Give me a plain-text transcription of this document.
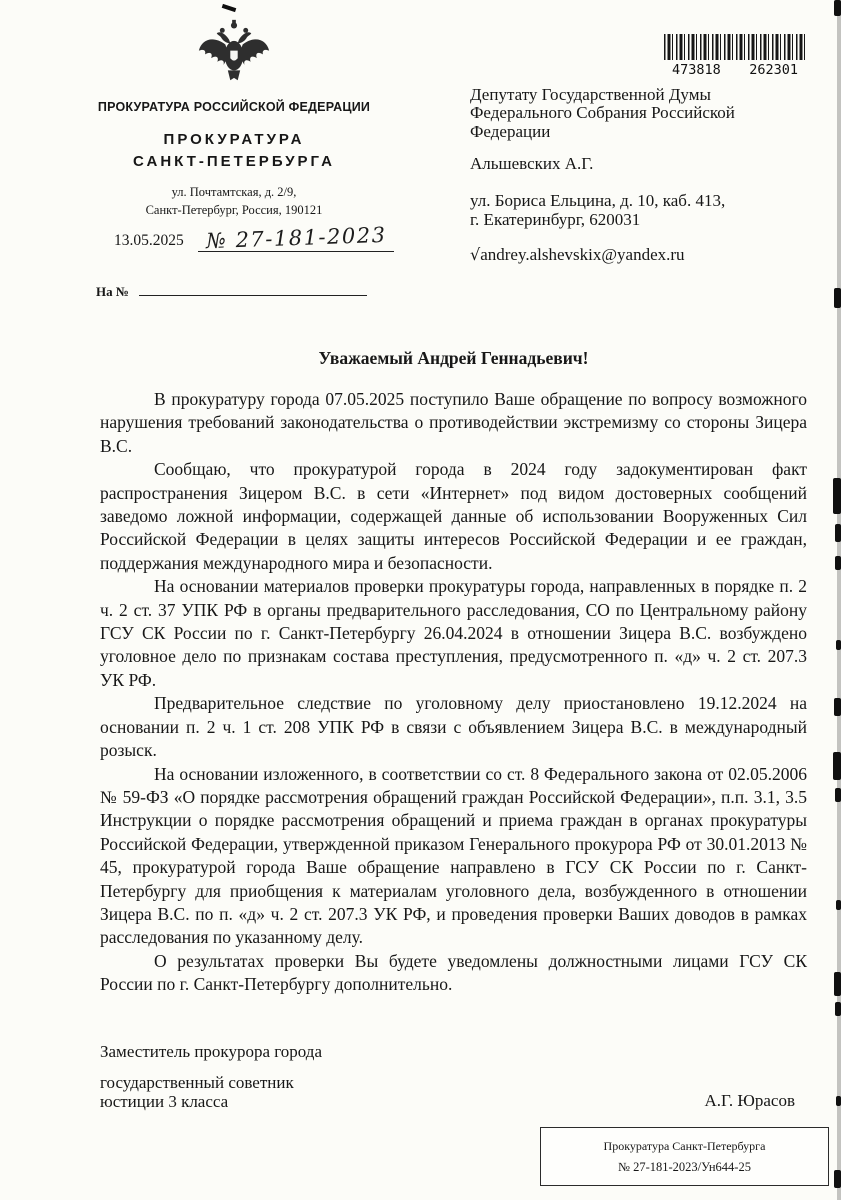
473818 262301
ПРОКУРАТУРА РОССИЙСКОЙ ФЕДЕРАЦИИ
ПРОКУРАТУРА
САНКТ-ПЕТЕРБУРГА
ул. Почтамтская, д. 2/9,
Санкт-Петербург, Россия, 190121
13.05.2025 № 27-181-2023
На №
Депутату Государственной Думы
Федерального Собрания Российской
Федерации
Альшевских А.Г.
ул. Бориса Ельцина, д. 10, каб. 413,
г. Екатеринбург, 620031
√andrey.alshevskix@yandex.ru
Уважаемый Андрей Геннадьевич!

В прокуратуру города 07.05.2025 поступило Ваше обращение по вопросу возможного нарушения требований законодательства о противодействии экстремизму со стороны Зицера В.С.

Сообщаю, что прокуратурой города в 2024 году задокументирован факт распространения Зицером В.С. в сети «Интернет» под видом достоверных сообщений заведомо ложной информации, содержащей данные об использовании Вооруженных Сил Российской Федерации в целях защиты интересов Российской Федерации и ее граждан, поддержания международного мира и безопасности.

На основании материалов проверки прокуратуры города, направленных в порядке п. 2 ч. 2 ст. 37 УПК РФ в органы предварительного расследования, СО по Центральному району ГСУ СК России по г. Санкт-Петербургу 26.04.2024 в отношении Зицера В.С. возбуждено уголовное дело по признакам состава преступления, предусмотренного п. «д» ч. 2 ст. 207.3 УК РФ.

Предварительное следствие по уголовному делу приостановлено 19.12.2024 на основании п. 2 ч. 1 ст. 208 УПК РФ в связи с объявлением Зицера В.С. в международный розыск.

На основании изложенного, в соответствии со ст. 8 Федерального закона от 02.05.2006 № 59-ФЗ «О порядке рассмотрения обращений граждан Российской Федерации», п.п. 3.1, 3.5 Инструкции о порядке рассмотрения обращений и приема граждан в органах прокуратуры Российской Федерации, утвержденной приказом Генерального прокурора РФ от 30.01.2013 № 45, прокуратурой города Ваше обращение направлено в ГСУ СК России по г. Санкт-Петербургу для приобщения к материалам уголовного дела, возбужденного в отношении Зицера В.С. по п. «д» ч. 2 ст. 207.3 УК РФ, и проведения проверки Ваших доводов в рамках расследования по указанному делу.

О результатах проверки Вы будете уведомлены должностными лицами ГСУ СК России по г. Санкт-Петербургу дополнительно.

Заместитель прокурора города
государственный советник
юстиции 3 класса	А.Г. Юрасов
Прокуратура Санкт-Петербурга
№ 27-181-2023/Ун644-25
